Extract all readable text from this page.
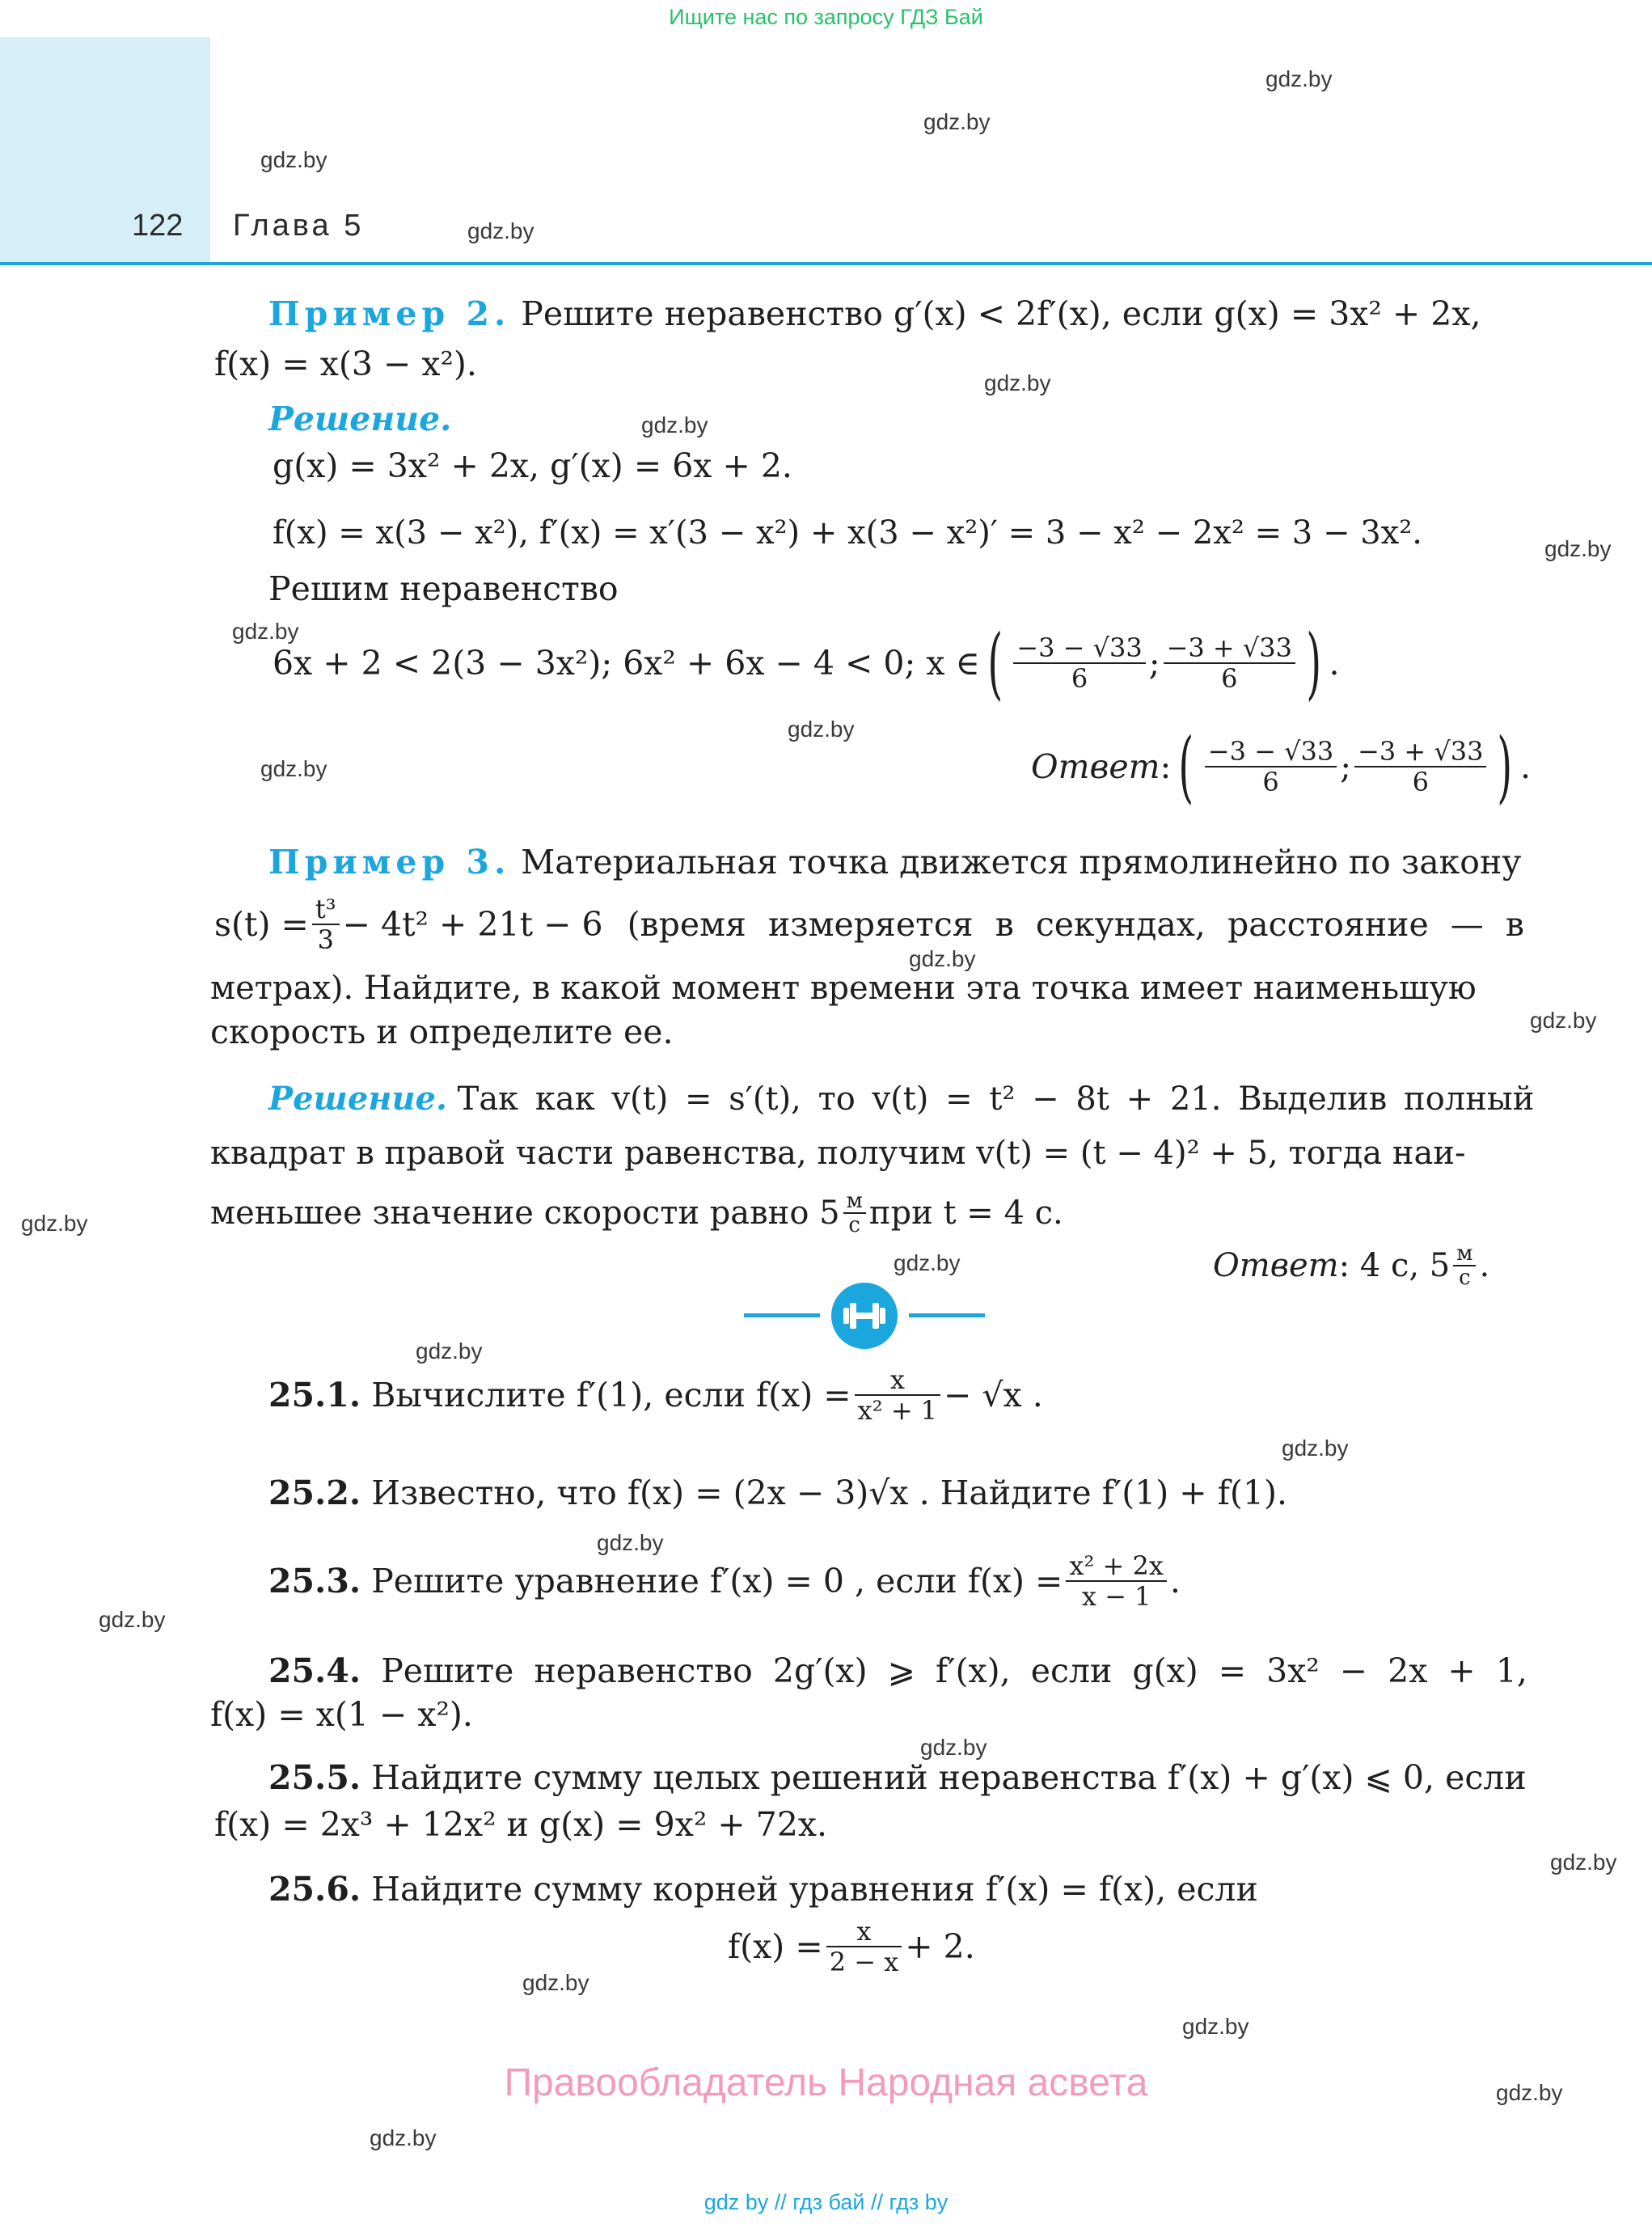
Ищите нас по запросу ГДЗ Бай
122 Глава 5
gdz.by
gdz.by
gdz.by
gdz.by
gdz.by
gdz.by
gdz.by
gdz.by
gdz.by
gdz.by
gdz.by
gdz.by
gdz.by
gdz.by
gdz.by
gdz.by
gdz.by
gdz.by
gdz.by
gdz.by
gdz.by
gdz.by
gdz.by
gdz.by
Пример 2. Решите неравенство g′(x) < 2f′(x), если g(x) = 3x² + 2x,
f(x) = x(3 − x²).
Решение.
g(x) = 3x² + 2x, g′(x) = 6x + 2.
f(x) = x(3 − x²), f′(x) = x′(3 − x²) + x(3 − x²)′ = 3 − x² − 2x² = 3 − 3x².
Решим неравенство
6x + 2 < 2(3 − 3x²); 6x² + 6x − 4 < 0; x ∈ ( $\frac{-3 - √33}{6}$ ; $\frac{-3 + √33}{6}$ ) .
Ответ : ( $\frac{-3 - √33}{6}$ ; $\frac{-3 + √33}{6}$ ) .
Пример 3. Материальная точка движется прямолинейно по закону
$s(t) = \frac{\text{t³}}{3} - 4t^2 + 21t - 6$ (время измеряется в секундах, расстояние — в
метрах). Найдите, в какой момент времени эта точка имеет наименьшую
скорость и определите ее.
Решение. Так как v(t) = s′(t), то v(t) = t² − 8t + 21. Выделив полный
квадрат в правой части равенства, получим v(t) = (t − 4)² + 5, тогда наи-
меньшее значение скорости равно $5 \frac{м}{с}$ при t = 4 с.
Ответ : 4 с, $5 \frac{м}{с}$ .
25.1.
Вычислите f′(1), если $f(x) = \frac{x}{\text{x² + 1}} - √x$ .
25.2. Известно, что f(x) = (2x − 3)√x . Найдите f′(1) + f(1).
25.3.
Решите уравнение f′(x) = 0 , если $f(x) = \frac{\text{x² + 2x}}{x - 1}$ .
25.4. Решите неравенство 2g′(x) ⩾ f′(x), если g(x) = 3x² − 2x + 1,
f(x) = x(1 − x²).
25.5. Найдите сумму целых решений неравенства f′(x) + g′(x) ⩽ 0, если
f(x) = 2x³ + 12x² и g(x) = 9x² + 72x.
25.6. Найдите сумму корней уравнения f′(x) = f(x), если
$f(x) = \frac{x}{2 - x} + 2$.
Правообладатель Народная асвета
gdz by // гдз бай // гдз by
